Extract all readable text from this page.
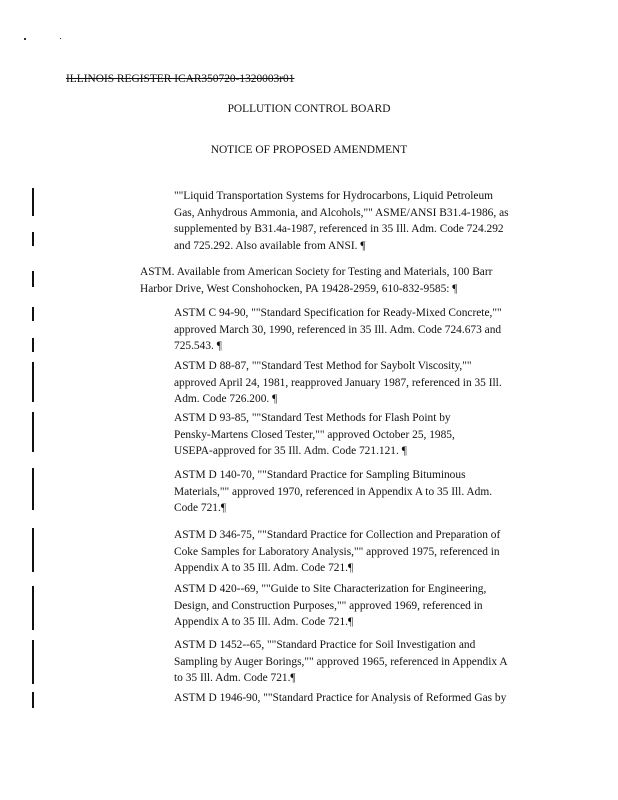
ILLINOIS REGISTER ICAR350720-1320003r01
POLLUTION CONTROL BOARD
NOTICE OF PROPOSED AMENDMENT
""Liquid Transportation Systems for Hydrocarbons, Liquid Petroleum
Gas, Anhydrous Ammonia, and Alcohols,"" ASME/ANSI B31.4-1986, as
supplemented by B31.4a-1987, referenced in 35 Ill. Adm. Code 724.292
and 725.292. Also available from ANSI. ¶
ASTM. Available from American Society for Testing and Materials, 100 Barr
Harbor Drive, West Conshohocken, PA 19428-2959, 610-832-9585: ¶
ASTM C 94-90, ""Standard Specification for Ready-Mixed Concrete,""
approved March 30, 1990, referenced in 35 Ill. Adm. Code 724.673 and
725.543. ¶
ASTM D 88-87, ""Standard Test Method for Saybolt Viscosity,""
approved April 24, 1981, reapproved January 1987, referenced in 35 Ill.
Adm. Code 726.200. ¶
ASTM D 93-85, ""Standard Test Methods for Flash Point by
Pensky-Martens Closed Tester,"" approved October 25, 1985,
USEPA-approved for 35 Ill. Adm. Code 721.121. ¶
ASTM D 140-70, ""Standard Practice for Sampling Bituminous
Materials,"" approved 1970, referenced in Appendix A to 35 Ill. Adm.
Code 721.¶
ASTM D 346-75, ""Standard Practice for Collection and Preparation of
Coke Samples for Laboratory Analysis,"" approved 1975, referenced in
Appendix A to 35 Ill. Adm. Code 721.¶
ASTM D 420--69, ""Guide to Site Characterization for Engineering,
Design, and Construction Purposes,"" approved 1969, referenced in
Appendix A to 35 Ill. Adm. Code 721.¶
ASTM D 1452--65, ""Standard Practice for Soil Investigation and
Sampling by Auger Borings,"" approved 1965, referenced in Appendix A
to 35 Ill. Adm. Code 721.¶
ASTM D 1946-90, ""Standard Practice for Analysis of Reformed Gas by
